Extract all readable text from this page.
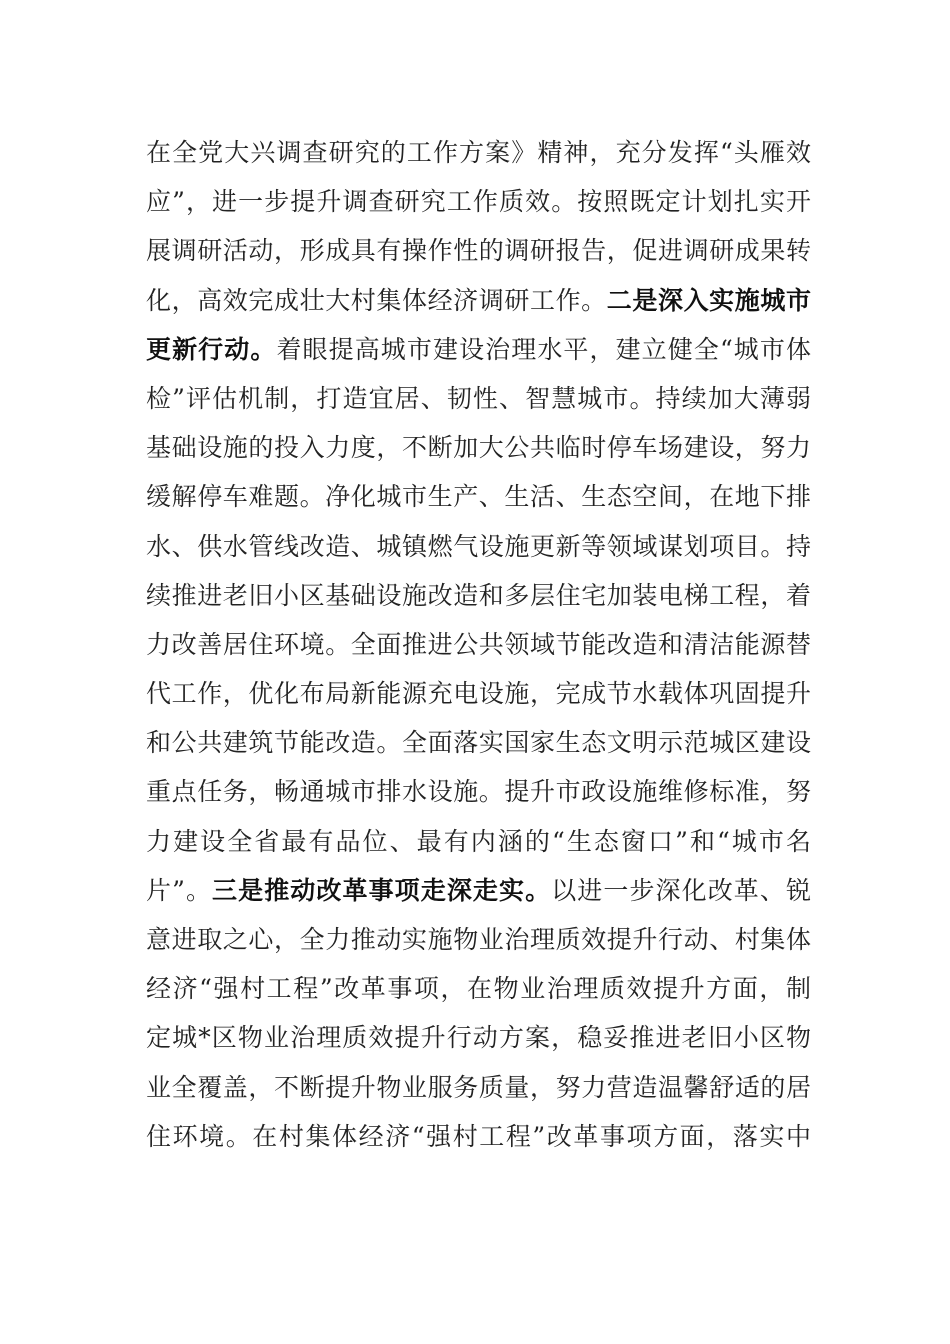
在全党大兴调查研究的工作方案》精神，充分发挥“头雁效
应”，进一步提升调查研究工作质效。按照既定计划扎实开
展调研活动，形成具有操作性的调研报告，促进调研成果转
化，高效完成壮大村集体经济调研工作。二是深入实施城市
更新行动。着眼提高城市建设治理水平，建立健全“城市体
检”评估机制，打造宜居、韧性、智慧城市。持续加大薄弱
基础设施的投入力度，不断加大公共临时停车场建设，努力
缓解停车难题。净化城市生产、生活、生态空间，在地下排
水、供水管线改造、城镇燃气设施更新等领域谋划项目。持
续推进老旧小区基础设施改造和多层住宅加装电梯工程，着
力改善居住环境。全面推进公共领域节能改造和清洁能源替
代工作，优化布局新能源充电设施，完成节水载体巩固提升
和公共建筑节能改造。全面落实国家生态文明示范城区建设
重点任务，畅通城市排水设施。提升市政设施维修标准，努
力建设全省最有品位、最有内涵的“生态窗口”和“城市名
片”。三是推动改革事项走深走实。以进一步深化改革、锐
意进取之心，全力推动实施物业治理质效提升行动、村集体
经济“强村工程”改革事项，在物业治理质效提升方面，制
定城*区物业治理质效提升行动方案，稳妥推进老旧小区物
业全覆盖，不断提升物业服务质量，努力营造温馨舒适的居
住环境。在村集体经济“强村工程”改革事项方面，落实中
